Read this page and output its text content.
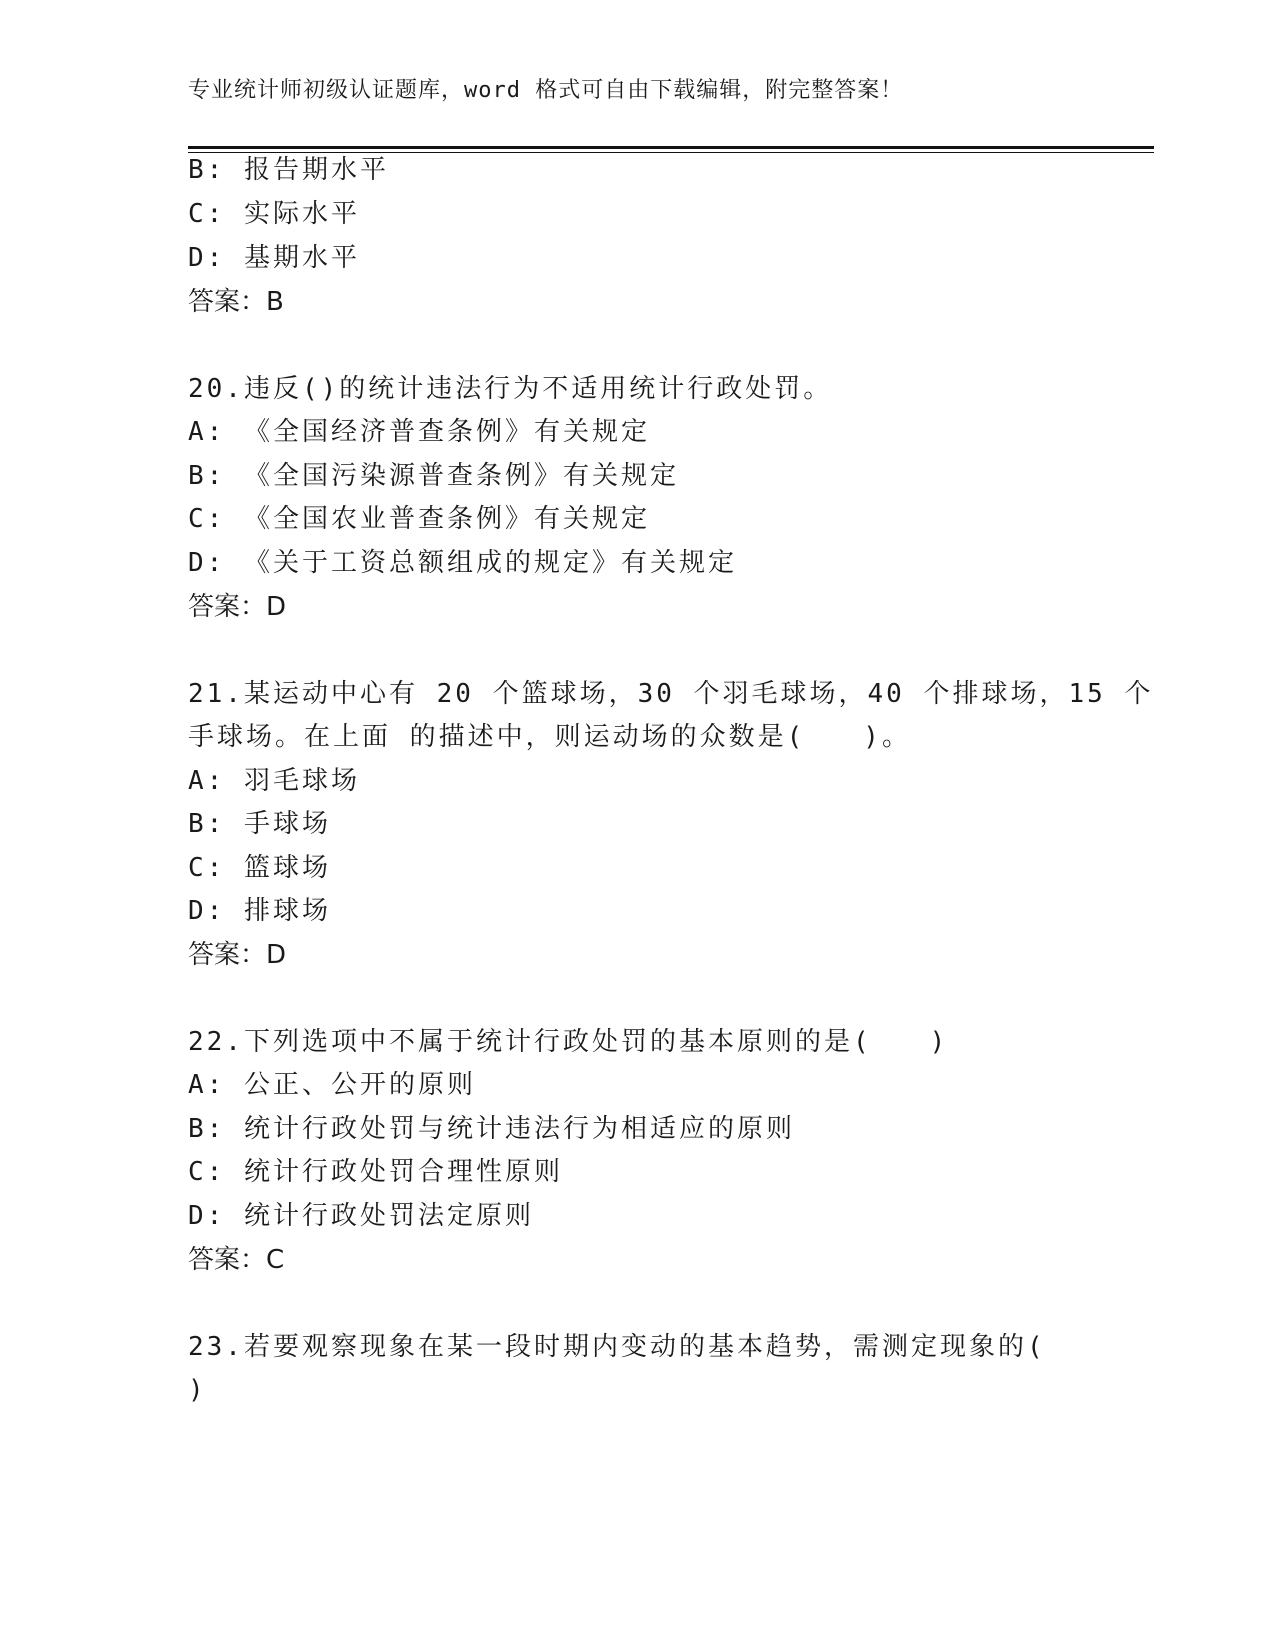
专业统计师初级认证题库，word 格式可自由下载编辑，附完整答案！
B: 报告期水平
C: 实际水平
D: 基期水平
答案：B
20.违反()的统计违法行为不适用统计行政处罚。
A: 《全国经济普查条例》有关规定
B: 《全国污染源普查条例》有关规定
C: 《全国农业普查条例》有关规定
D: 《关于工资总额组成的规定》有关规定
答案：D
21.某运动中心有 20 个篮球场，30 个羽毛球场，40 个排球场，15 个
手球场。在上面 的描述中，则运动场的众数是(　　)。
A: 羽毛球场
B: 手球场
C: 篮球场
D: 排球场
答案：D
22.下列选项中不属于统计行政处罚的基本原则的是(　　)
A: 公正、公开的原则
B: 统计行政处罚与统计违法行为相适应的原则
C: 统计行政处罚合理性原则
D: 统计行政处罚法定原则
答案：C
23.若要观察现象在某一段时期内变动的基本趋势，需测定现象的(
)
